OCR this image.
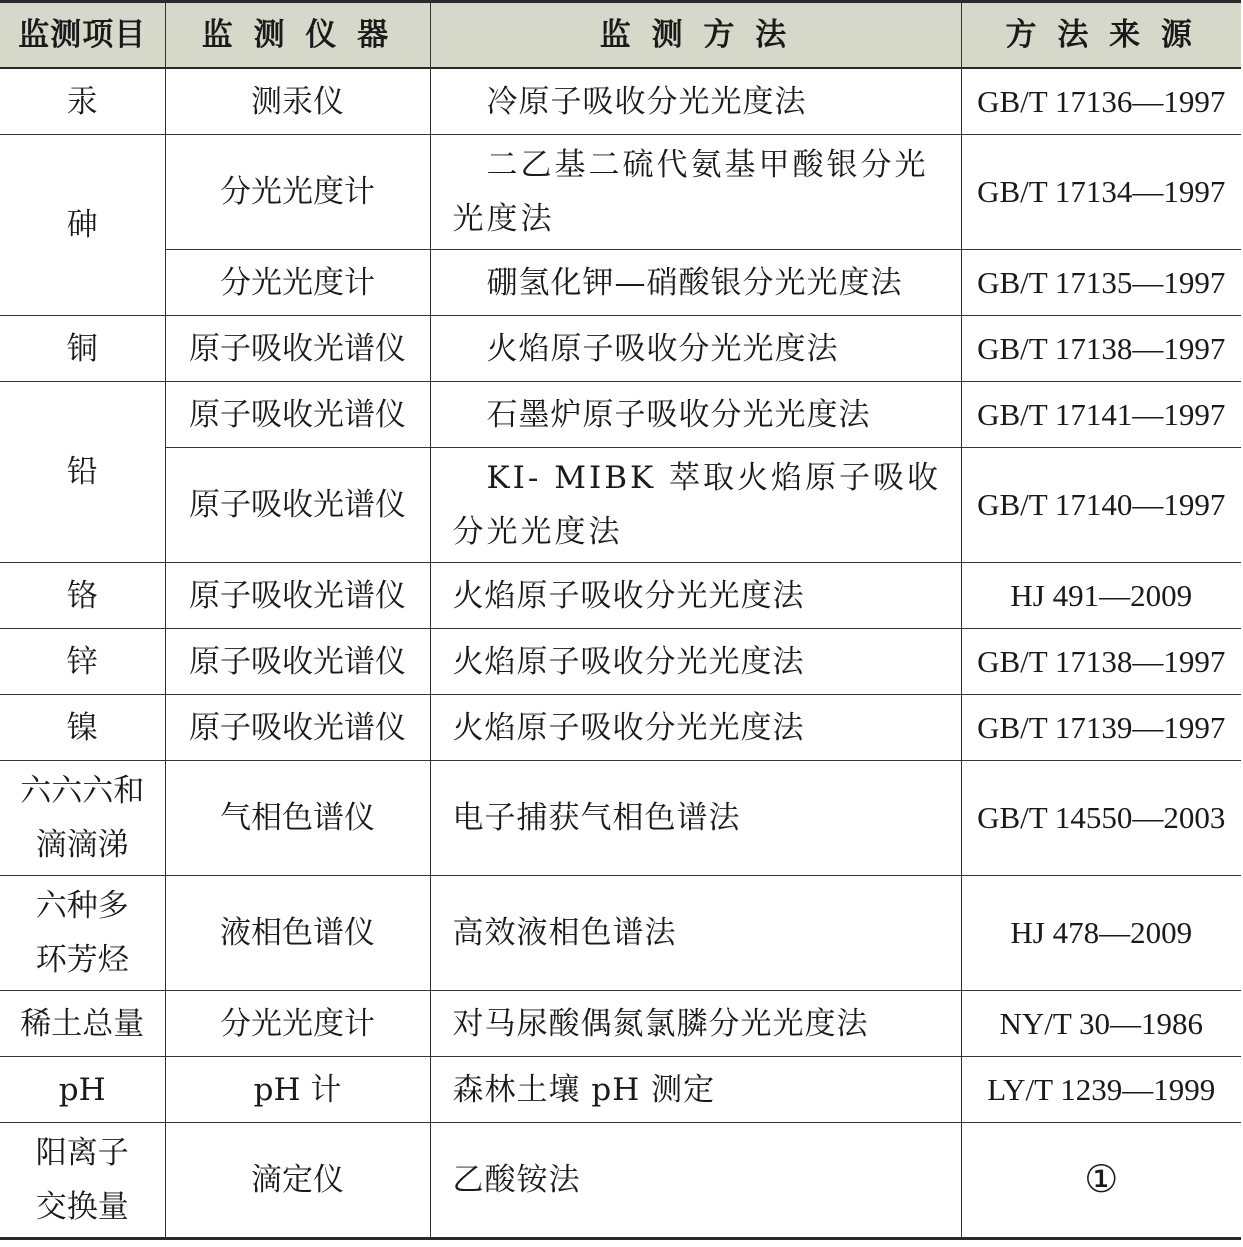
监测项目	监 测 仪 器	监 测 方 法	方 法 来 源
汞	测汞仪	冷原子吸收分光光度法	GB/T 17136—1997
砷	分光光度计	二乙基二硫代氨基甲酸银分光光度法	GB/T 17134—1997
	分光光度计	硼氢化钾—硝酸银分光光度法	GB/T 17135—1997
铜	原子吸收光谱仪	火焰原子吸收分光光度法	GB/T 17138—1997
铅	原子吸收光谱仪	石墨炉原子吸收分光光度法	GB/T 17141—1997
	原子吸收光谱仪	KI- MIBK 萃取火焰原子吸收分光光度法	GB/T 17140—1997
铬	原子吸收光谱仪	火焰原子吸收分光光度法	HJ 491—2009
锌	原子吸收光谱仪	火焰原子吸收分光光度法	GB/T 17138—1997
镍	原子吸收光谱仪	火焰原子吸收分光光度法	GB/T 17139—1997
六六六和滴滴涕	气相色谱仪	电子捕获气相色谱法	GB/T 14550—2003
六种多环芳烃	液相色谱仪	高效液相色谱法	HJ 478—2009
稀土总量	分光光度计	对马尿酸偶氮氯膦分光光度法	NY/T 30—1986
pH	pH 计	森林土壤 pH 测定	LY/T 1239—1999
阳离子交换量	滴定仪	乙酸铵法	①
